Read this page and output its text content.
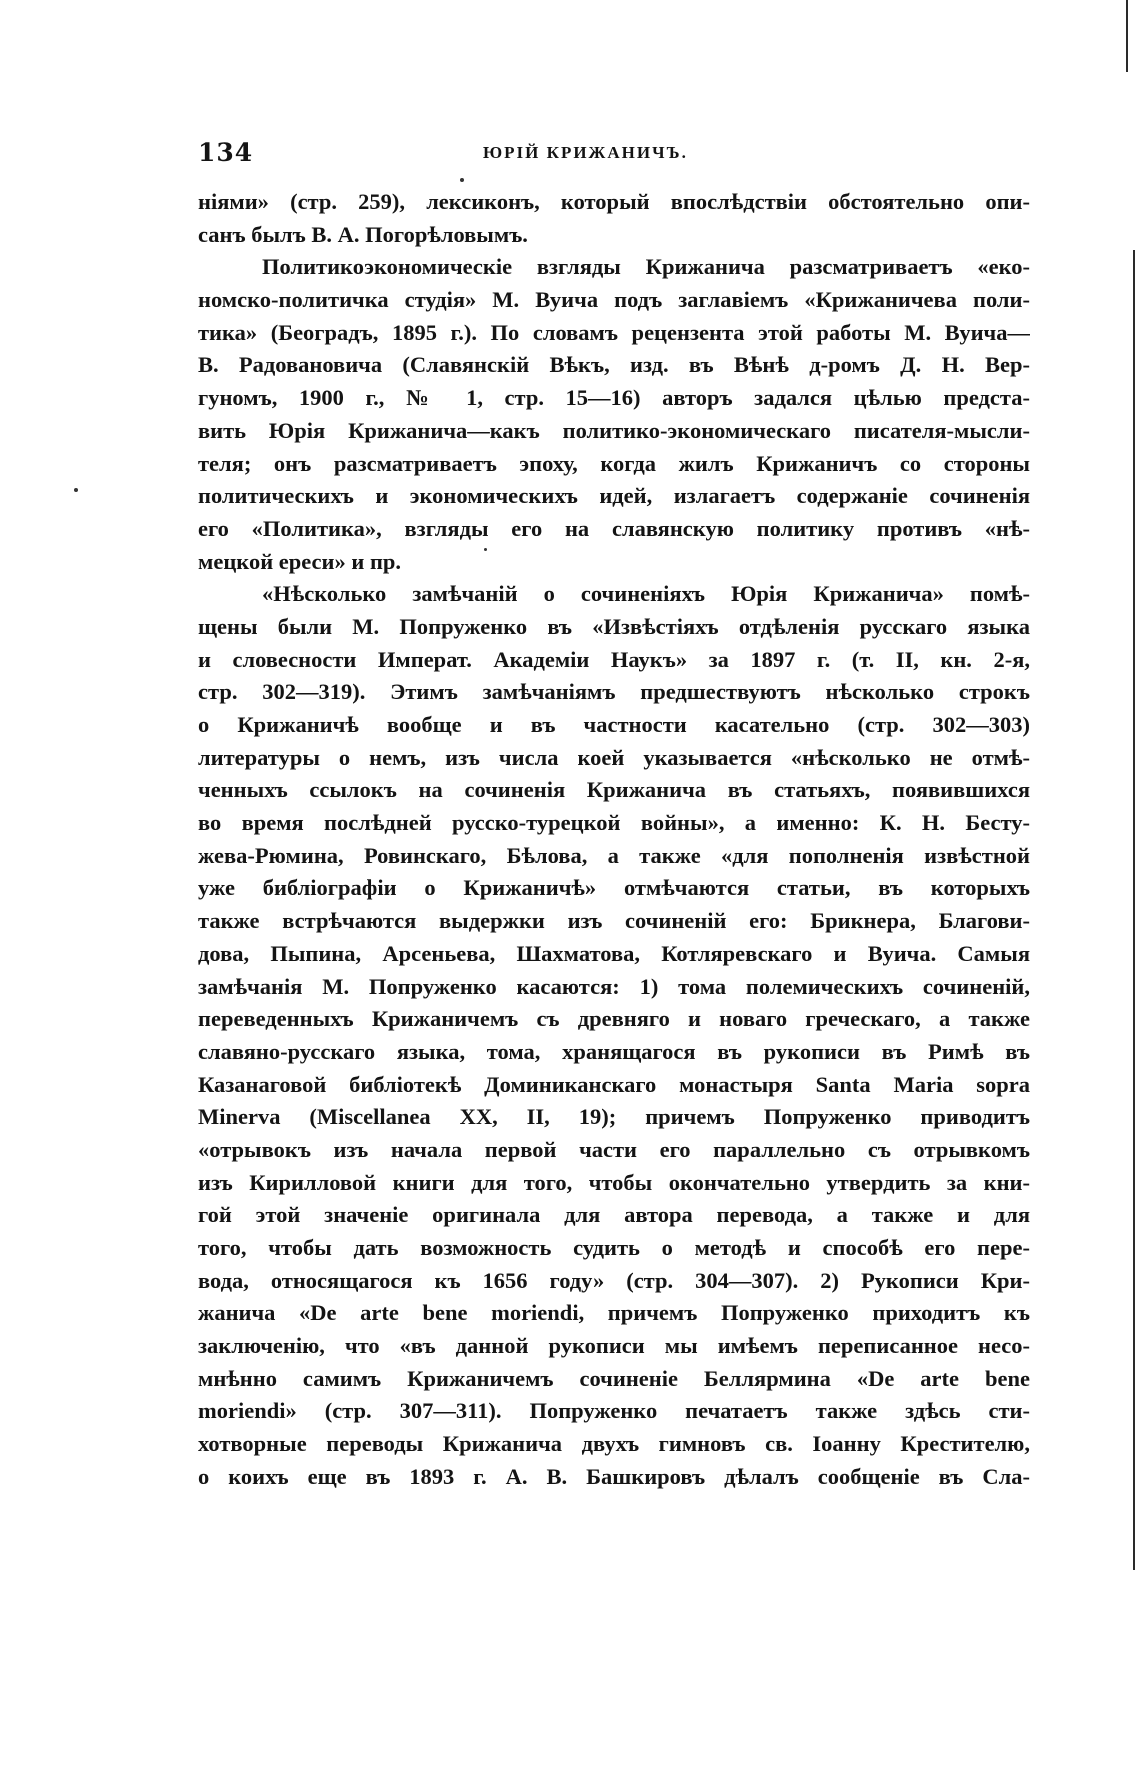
134	ЮРІЙ КРИЖАНИЧЪ.
ніями» (стр. 259), лексиконъ, который впослѣдствіи обстоятельно опи-
санъ былъ В. А. Погорѣловымъ.
Политикоэкономическіе взгляды Крижанича разсматриваетъ «еко-
номско-политичка студія» М. Вуича подъ заглавіемъ «Крижаничева поли-
тика» (Београдъ, 1895 г.). По словамъ рецензента этой работы М. Вуича—
В. Радовановича (Славянскій Вѣкъ, изд. въ Вѣнѣ д-ромъ Д. Н. Вер-
гуномъ, 1900 г., № 1, стр. 15—16) авторъ задался цѣлью предста-
вить Юрія Крижанича—какъ политико-экономическаго писателя-мысли-
теля; онъ разсматриваетъ эпоху, когда жилъ Крижаничъ со стороны
политическихъ и экономическихъ идей, излагаетъ содержаніе сочиненія
его «Политика», взгляды его на славянскую политику противъ «нѣ-
мецкой ереси» и пр.
«Нѣсколько замѣчаній о сочиненіяхъ Юрія Крижанича» помѣ-
щены были М. Попруженко въ «Извѣстіяхъ отдѣленія русскаго языка
и словесности Императ. Академіи Наукъ» за 1897 г. (т. II, кн. 2-я,
стр. 302—319). Этимъ замѣчаніямъ предшествуютъ нѣсколько строкъ
о Крижаничѣ вообще и въ частности касательно (стр. 302—303)
литературы о немъ, изъ числа коей указывается «нѣсколько не отмѣ-
ченныхъ ссылокъ на сочиненія Крижанича въ статьяхъ, появившихся
во время послѣдней русско-турецкой войны», а именно: К. Н. Бесту-
жева-Рюмина, Ровинскаго, Бѣлова, а также «для пополненія извѣстной
уже библіографіи о Крижаничѣ» отмѣчаются статьи, въ которыхъ
также встрѣчаются выдержки изъ сочиненій его: Брикнера, Благови-
дова, Пыпина, Арсеньева, Шахматова, Котляревскаго и Вуича. Самыя
замѣчанія М. Попруженко касаются: 1) тома полемическихъ сочиненій,
переведенныхъ Крижаничемъ съ древняго и новаго греческаго, а также
славяно-русскаго языка, тома, хранящагося въ рукописи въ Римѣ въ
Казанаговой библіотекѣ Доминиканскаго монастыря Santa Maria sopra
Minerva (Miscellanea XX, II, 19); причемъ Попруженко приводитъ
«отрывокъ изъ начала первой части его параллельно съ отрывкомъ
изъ Кирилловой книги для того, чтобы окончательно утвердить за кни-
гой этой значеніе оригинала для автора перевода, а также и для
того, чтобы дать возможность судить о методѣ и способѣ его пере-
вода, относящагося къ 1656 году» (стр. 304—307). 2) Рукописи Кри-
жанича «De arte bene moriendi, причемъ Попруженко приходитъ къ
заключенію, что «въ данной рукописи мы имѣемъ переписанное несо-
мнѣнно самимъ Крижаничемъ сочиненіе Беллярмина «De arte bene
moriendi» (стр. 307—311). Попруженко печатаетъ также здѣсь сти-
хотворные переводы Крижанича двухъ гимновъ св. Іоанну Крестителю,
о коихъ еще въ 1893 г. А. В. Башкировъ дѣлалъ сообщеніе въ Сла-
